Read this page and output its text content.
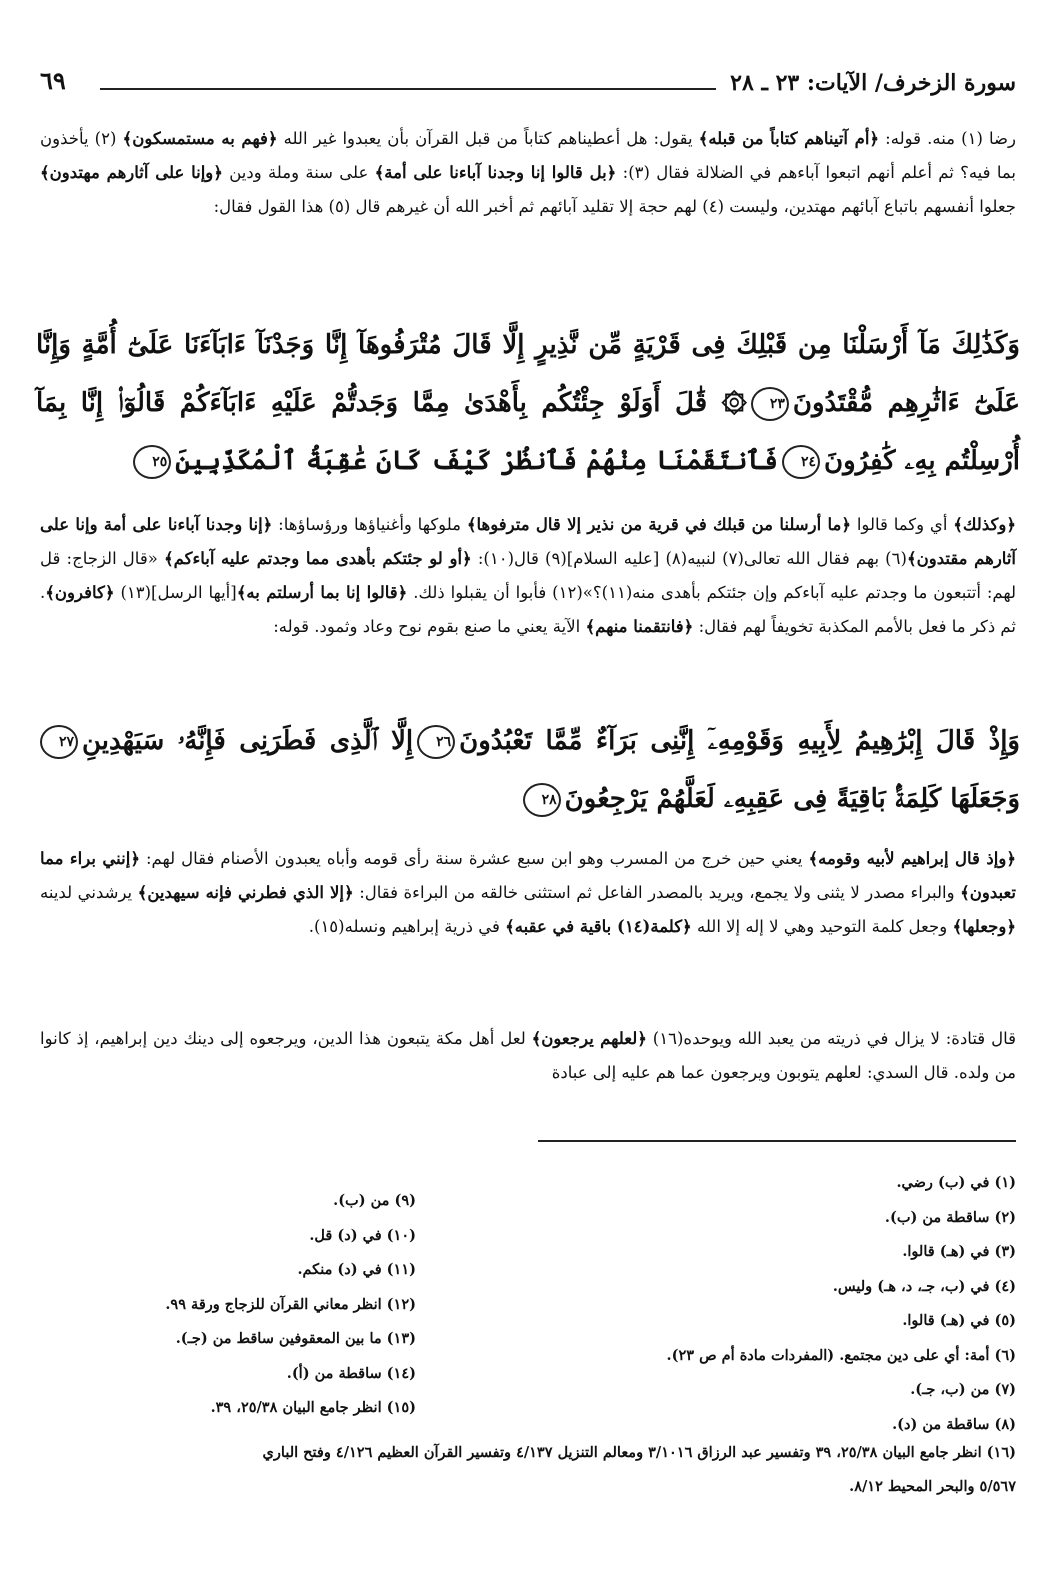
سورة الزخرف/ الآيات: ٢٣ ـ ٢٨
٦٩
رضا (١) منه. قوله: ﴿أم آتيناهم كتاباً من قبله﴾ يقول: هل أعطيناهم كتاباً من قبل القرآن بأن يعبدوا غير الله ﴿فهم به مستمسكون﴾ (٢) يأخذون بما فيه؟ ثم أعلم أنهم اتبعوا آباءهم في الضلالة فقال (٣): ﴿بل قالوا إنا وجدنا آباءنا على أمة﴾ على سنة وملة ودين ﴿وإنا على آثارهم مهتدون﴾ جعلوا أنفسهم باتباع آبائهم مهتدين، وليست (٤) لهم حجة إلا تقليد آبائهم ثم أخبر الله أن غيرهم قال (٥) هذا القول فقال:
وَكَذَٰلِكَ مَآ أَرْسَلْنَا مِن قَبْلِكَ فِى قَرْيَةٍ مِّن نَّذِيرٍ إِلَّا قَالَ مُتْرَفُوهَآ إِنَّا وَجَدْنَآ ءَابَآءَنَا عَلَىٰٓ أُمَّةٍ وَإِنَّا عَلَىٰٓ ءَاثَٰرِهِم مُّقْتَدُونَ٢٣۞ قَٰلَ أَوَلَوْ جِئْتُكُم بِأَهْدَىٰ مِمَّا وَجَدتُّمْ عَلَيْهِ ءَابَآءَكُمْ قَالُوٓا۟ إِنَّا بِمَآ أُرْسِلْتُم بِهِۦ كَٰفِرُونَ٢٤فَٱنتَقَمْنَا مِنْهُمْ فَٱنظُرْ كَيْفَ كَانَ عَٰقِبَةُ ٱلْمُكَذِّبِينَ٢٥
﴿وكذلك﴾ أي وكما قالوا ﴿ما أرسلنا من قبلك في قرية من نذير إلا قال مترفوها﴾ ملوكها وأغنياؤها ورؤساؤها: ﴿إنا وجدنا آباءنا على أمة وإنا على آثارهم مقتدون﴾(٦) بهم فقال الله تعالى(٧) لنبيه(٨) [عليه السلام](٩) قال(١٠): ﴿أو لو جئتكم بأهدى مما وجدتم عليه آباءكم﴾ «قال الزجاج: قل لهم: أتتبعون ما وجدتم عليه آباءكم وإن جئتكم بأهدى منه(١١)؟»(١٢) فأبوا أن يقبلوا ذلك. ﴿قالوا إنا بما أرسلتم به﴾[أيها الرسل](١٣) ﴿كافرون﴾. ثم ذكر ما فعل بالأمم المكذبة تخويفاً لهم فقال: ﴿فانتقمنا منهم﴾ الآية يعني ما صنع بقوم نوح وعاد وثمود. قوله:
وَإِذْ قَالَ إِبْرَٰهِيمُ لِأَبِيهِ وَقَوْمِهِۦٓ إِنَّنِى بَرَآءٌ مِّمَّا تَعْبُدُونَ٢٦إِلَّا ٱلَّذِى فَطَرَنِى فَإِنَّهُۥ سَيَهْدِينِ٢٧وَجَعَلَهَا كَلِمَةًۢ بَاقِيَةً فِى عَقِبِهِۦ لَعَلَّهُمْ يَرْجِعُونَ٢٨
﴿وإذ قال إبراهيم لأبيه وقومه﴾ يعني حين خرج من المسرب وهو ابن سبع عشرة سنة رأى قومه وأباه يعبدون الأصنام فقال لهم: ﴿إنني براء مما تعبدون﴾ والبراء مصدر لا يثنى ولا يجمع، ويريد بالمصدر الفاعل ثم استثنى خالقه من البراءة فقال: ﴿إلا الذي فطرني فإنه سيهدين﴾ يرشدني لدينه ﴿وجعلها﴾ وجعل كلمة التوحيد وهي لا إله إلا الله ﴿كلمة(١٤) باقية في عقبه﴾ في ذرية إبراهيم ونسله(١٥).
قال قتادة: لا يزال في ذريته من يعبد الله ويوحده(١٦) ﴿لعلهم يرجعون﴾ لعل أهل مكة يتبعون هذا الدين، ويرجعوه إلى دينك دين إبراهيم، إذ كانوا من ولده. قال السدي: لعلهم يتوبون ويرجعون عما هم عليه إلى عبادة
(١) في (ب) رضي.
(٢) ساقطة من (ب).
(٣) في (هـ) قالوا.
(٤) في (ب، جـ، د، هـ) وليس.
(٥) في (هـ) قالوا.
(٦) أمة: أي على دين مجتمع. (المفردات مادة أم ص ٢٣).
(٧) من (ب، جـ).
(٨) ساقطة من (د).
(٩) من (ب).
(١٠) في (د) قل.
(١١) في (د) منكم.
(١٢) انظر معاني القرآن للزجاج ورقة ٩٩.
(١٣) ما بين المعقوفين ساقط من (جـ).
(١٤) ساقطة من (أ).
(١٥) انظر جامع البيان ٢٥/٣٨، ٣٩.
(١٦) انظر جامع البيان ٢٥/٣٨، ٣٩ وتفسير عبد الرزاق ٣/١٠١٦ ومعالم التنزيل ٤/١٣٧ وتفسير القرآن العظيم ٤/١٢٦ وفتح الباري
٥/٥٦٧ والبحر المحيط ٨/١٢.
